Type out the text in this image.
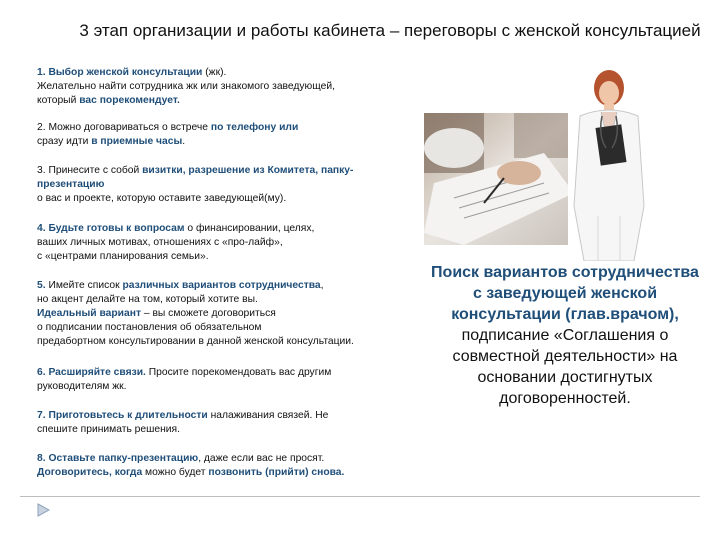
3 этап организации и работы кабинета – переговоры с женской консультацией
1. Выбор женской консультации (жк).
Желательно найти сотрудника жк или знакомого заведующей,
который вас порекомендует.
2. Можно договариваться о встрече по телефону или
сразу идти в приемные часы.
3. Принесите с собой визитки, разрешение из Комитета, папку-
презентацию
о вас и проекте, которую оставите заведующей(му).
4. Будьте готовы к вопросам о финансировании, целях,
ваших личных мотивах, отношениях с «про-лайф»,
с «центрами планирования семьи».
5. Имейте список различных вариантов сотрудничества,
но акцент делайте на том, который хотите вы.
Идеальный вариант – вы сможете договориться
о подписании постановления об обязательном
предабортном консультировании в данной женской консультации.
6. Расширяйте связи. Просите порекомендовать вас другим
руководителям жк.
7. Приготовьтесь к длительности налаживания связей. Не
спешите принимать решения.
8. Оставьте папку-презентацию, даже если вас не просят.
Договоритесь, когда можно будет позвонить (прийти) снова.
Поиск вариантов сотрудничества с заведующей женской консультации (глав.врачом), подписание «Соглашения о совместной деятельности» на основании достигнутых договоренностей.
